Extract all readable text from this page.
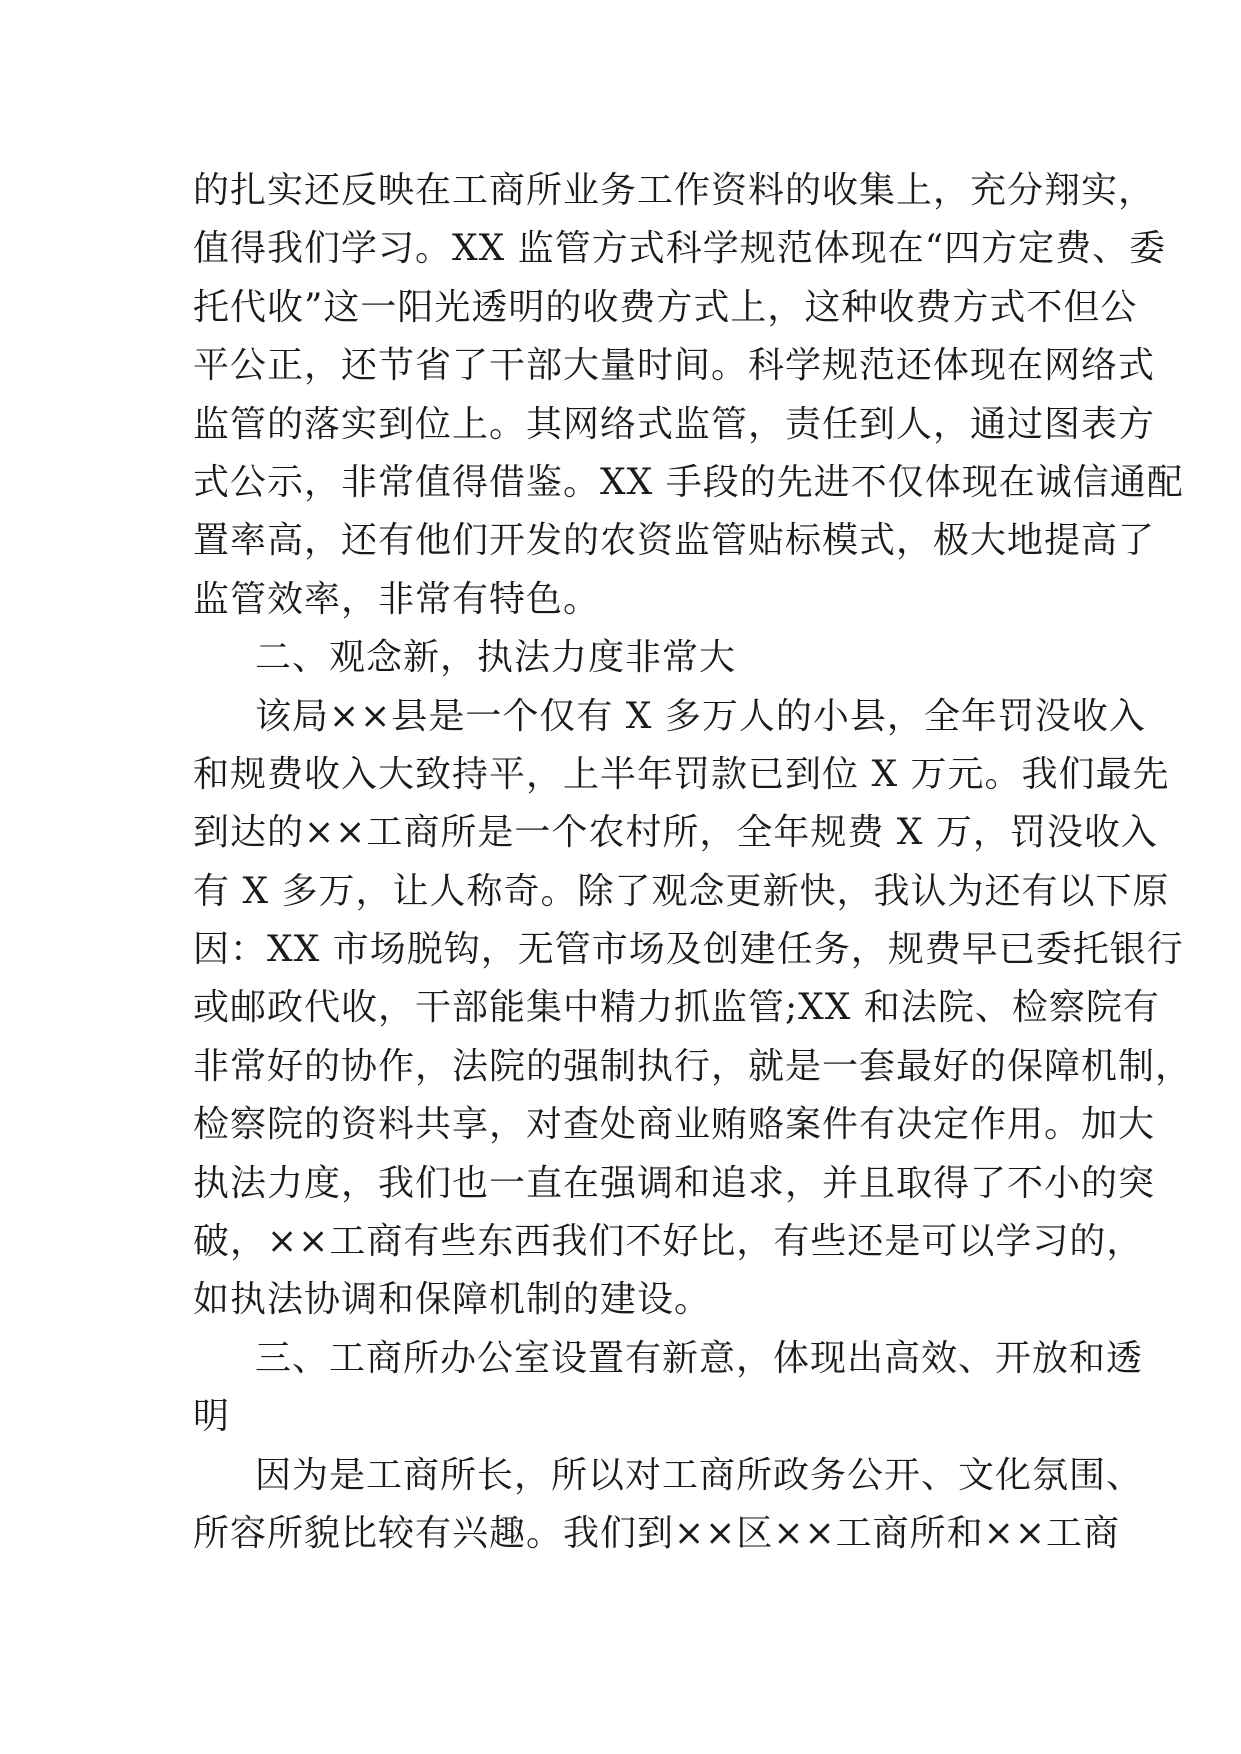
的扎实还反映在工商所业务工作资料的收集上，充分翔实，
值得我们学习。XX 监管方式科学规范体现在“四方定费、委
托代收”这一阳光透明的收费方式上，这种收费方式不但公
平公正，还节省了干部大量时间。科学规范还体现在网络式
监管的落实到位上。其网络式监管，责任到人，通过图表方
式公示，非常值得借鉴。XX 手段的先进不仅体现在诚信通配
置率高，还有他们开发的农资监管贴标模式，极大地提高了
监管效率，非常有特色。
二、观念新，执法力度非常大
该局××县是一个仅有 X 多万人的小县，全年罚没收入
和规费收入大致持平，上半年罚款已到位 X 万元。我们最先
到达的××工商所是一个农村所，全年规费 X 万，罚没收入
有 X 多万，让人称奇。除了观念更新快，我认为还有以下原
因：XX 市场脱钩，无管市场及创建任务，规费早已委托银行
或邮政代收，干部能集中精力抓监管;XX 和法院、检察院有
非常好的协作，法院的强制执行，就是一套最好的保障机制，
检察院的资料共享，对查处商业贿赂案件有决定作用。加大
执法力度，我们也一直在强调和追求，并且取得了不小的突
破，××工商有些东西我们不好比，有些还是可以学习的，
如执法协调和保障机制的建设。
三、工商所办公室设置有新意，体现出高效、开放和透
明
因为是工商所长，所以对工商所政务公开、文化氛围、
所容所貌比较有兴趣。我们到××区××工商所和××工商
